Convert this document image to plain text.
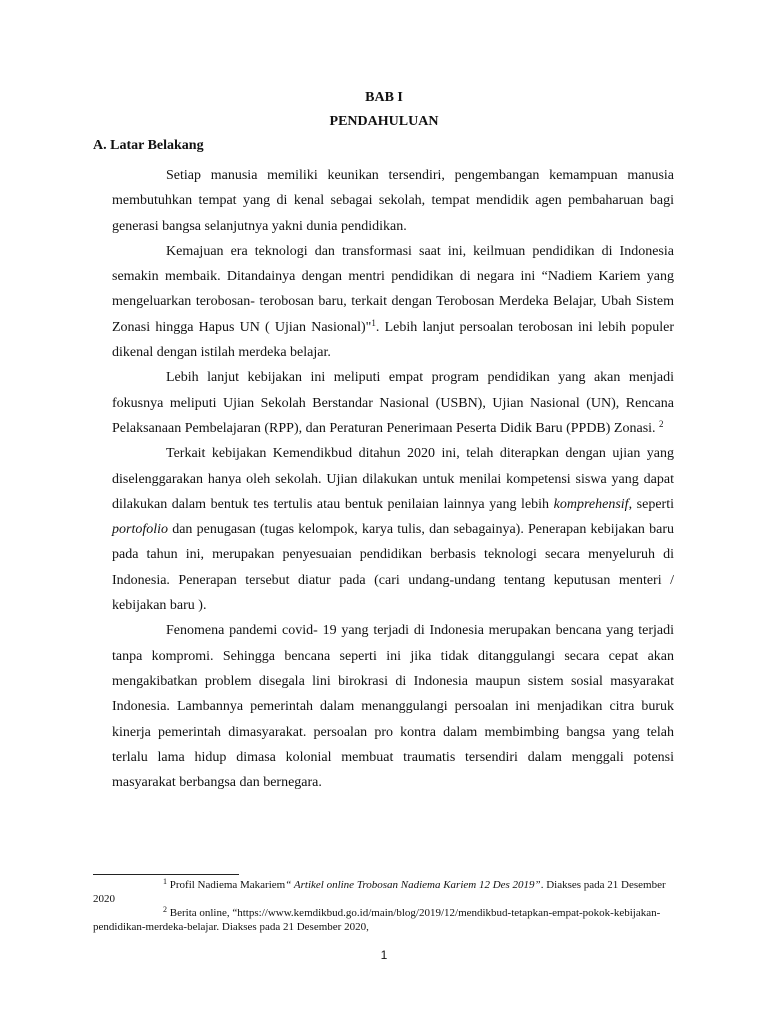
BAB I
PENDAHULUAN
A. Latar Belakang

Setiap manusia memiliki keunikan tersendiri, pengembangan kemampuan manusia membutuhkan tempat yang di kenal sebagai sekolah, tempat mendidik agen pembaharuan bagi generasi bangsa selanjutnya yakni dunia pendidikan.

Kemajuan era teknologi dan transformasi saat ini, keilmuan pendidikan di Indonesia semakin membaik. Ditandainya dengan mentri pendidikan di negara ini “Nadiem Kariem yang mengeluarkan terobosan- terobosan baru, terkait dengan Terobosan Merdeka Belajar, Ubah Sistem Zonasi hingga Hapus UN ( Ujian Nasional)"$^1$. Lebih lanjut persoalan terobosan ini lebih populer dikenal dengan istilah merdeka belajar.

Lebih lanjut kebijakan ini meliputi empat program pendidikan yang akan menjadi fokusnya meliputi Ujian Sekolah Berstandar Nasional (USBN), Ujian Nasional (UN), Rencana Pelaksanaan Pembelajaran (RPP), dan Peraturan Penerimaan Peserta Didik Baru (PPDB) Zonasi. $^2$

Terkait kebijakan Kemendikbud ditahun 2020 ini, telah diterapkan dengan ujian yang diselenggarakan hanya oleh sekolah. Ujian dilakukan untuk menilai kompetensi siswa yang dapat dilakukan dalam bentuk tes tertulis atau bentuk penilaian lainnya yang lebih komprehensif, seperti portofolio dan penugasan (tugas kelompok, karya tulis, dan sebagainya). Penerapan kebijakan baru pada tahun ini, merupakan penyesuaian pendidikan berbasis teknologi secara menyeluruh di Indonesia. Penerapan tersebut diatur pada (cari undang-undang tentang keputusan menteri / kebijakan baru ).

Fenomena pandemi covid- 19 yang terjadi di Indonesia merupakan bencana yang terjadi tanpa kompromi. Sehingga bencana seperti ini jika tidak ditanggulangi secara cepat akan mengakibatkan problem disegala lini birokrasi di Indonesia maupun sistem sosial masyarakat Indonesia. Lambannya pemerintah dalam menanggulangi persoalan ini menjadikan citra buruk kinerja pemerintah dimasyarakat. persoalan pro kontra dalam membimbing bangsa yang telah terlalu lama hidup dimasa kolonial membuat traumatis tersendiri dalam menggali potensi masyarakat berbangsa dan bernegara.

$^1$ Profil Nadiema Makariem“ Artikel online Trobosan Nadiema Kariem 12 Des 2019”. Diakses pada 21 Desember 2020

$^2$ Berita online, “https://www.kemdikbud.go.id/main/blog/2019/12/mendikbud-tetapkan-empat-pokok-kebijakan-pendidikan-merdeka-belajar. Diakses pada 21 Desember 2020,

1
